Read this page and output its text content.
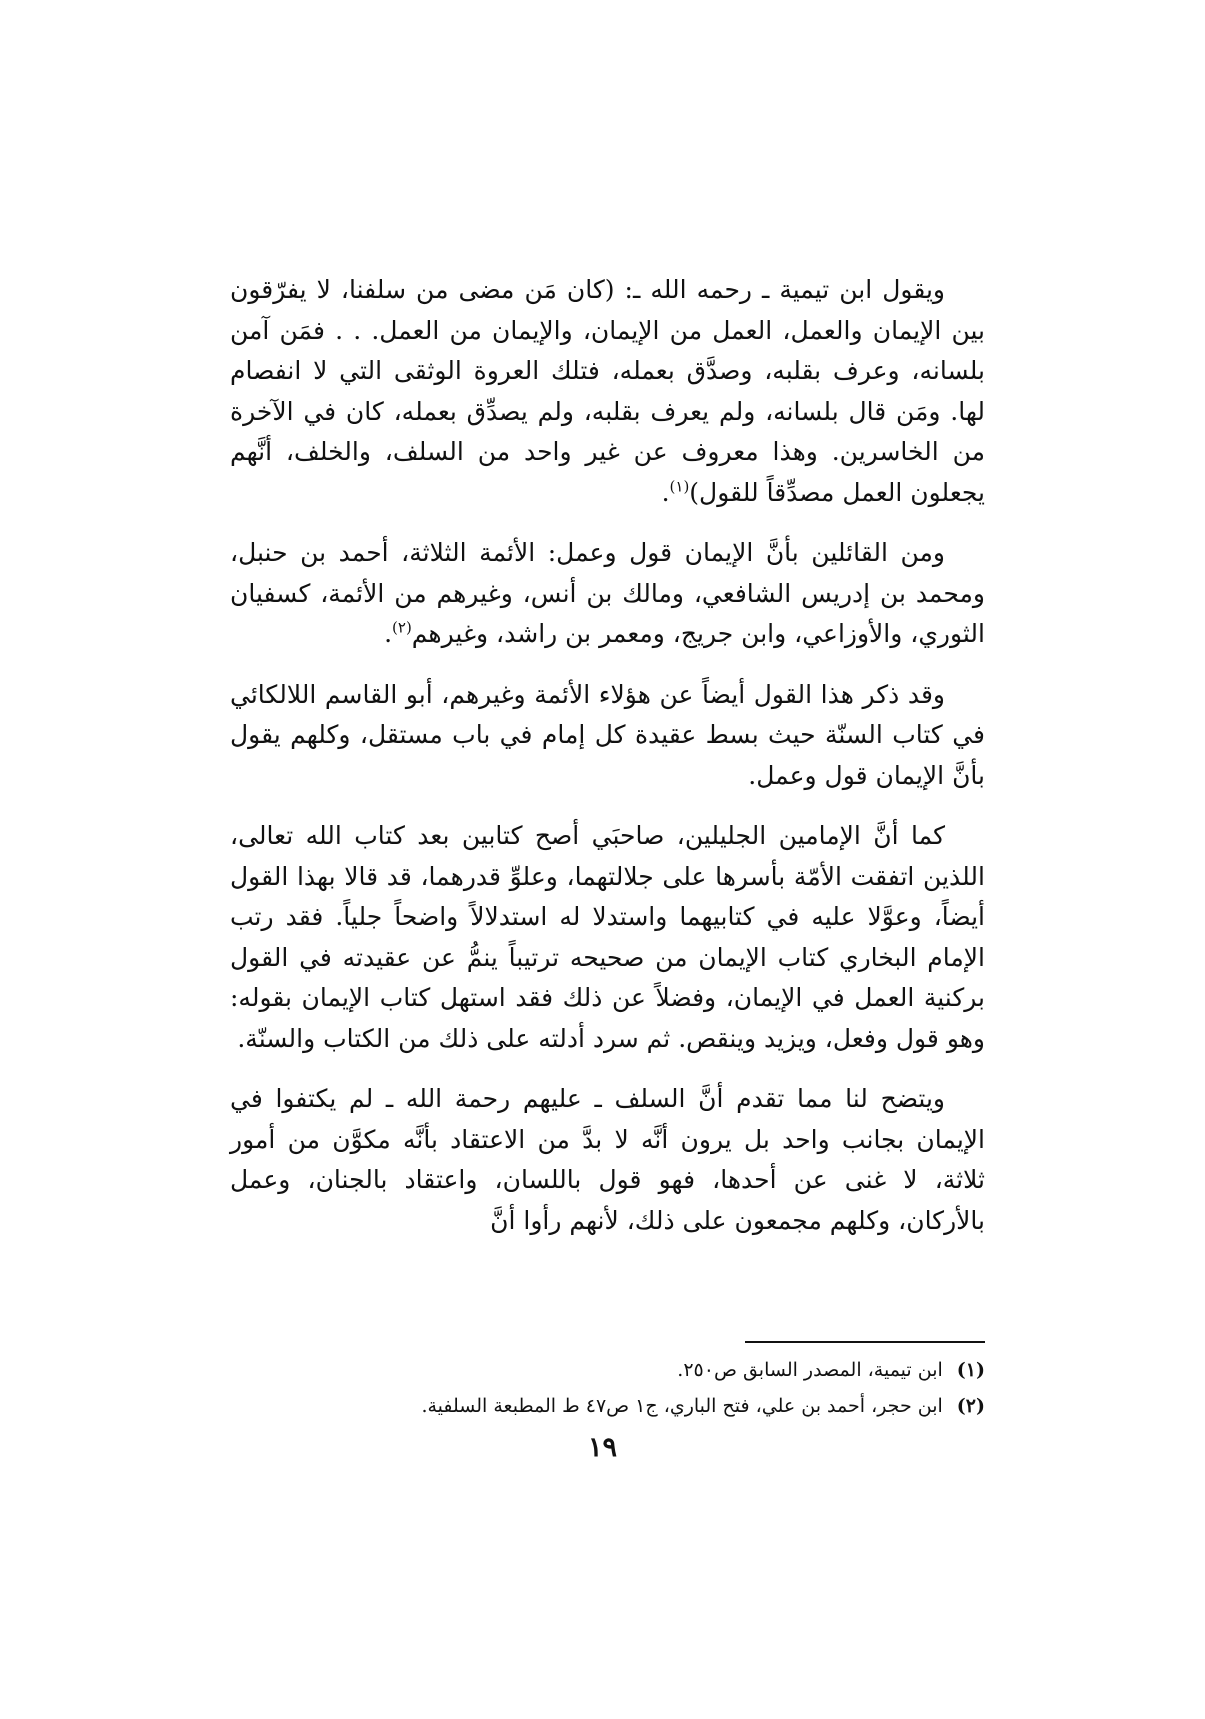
ويقول ابن تيمية ـ رحمه الله ـ: (كان مَن مضى من سلفنا، لا يفرّقون بين الإيمان والعمل، العمل من الإيمان، والإيمان من العمل. . . فمَن آمن بلسانه، وعرف بقلبه، وصدَّق بعمله، فتلك العروة الوثقى التي لا انفصام لها. ومَن قال بلسانه، ولم يعرف بقلبه، ولم يصدِّق بعمله، كان في الآخرة من الخاسرين. وهذا معروف عن غير واحد من السلف، والخلف، أنَّهم يجعلون العمل مصدِّقاً للقول)$^{(١)}$.

ومن القائلين بأنَّ الإيمان قول وعمل: الأئمة الثلاثة، أحمد بن حنبل، ومحمد بن إدريس الشافعي، ومالك بن أنس، وغيرهم من الأئمة، كسفيان الثوري، والأوزاعي، وابن جريج، ومعمر بن راشد، وغيرهم$^{(٢)}$.

وقد ذكر هذا القول أيضاً عن هؤلاء الأئمة وغيرهم، أبو القاسم اللالكائي في كتاب السنّة حيث بسط عقيدة كل إمام في باب مستقل، وكلهم يقول بأنَّ الإيمان قول وعمل.

كما أنَّ الإمامين الجليلين، صاحبَي أصح كتابين بعد كتاب الله تعالى، اللذين اتفقت الأمّة بأسرها على جلالتهما، وعلوِّ قدرهما، قد قالا بهذا القول أيضاً، وعوَّلا عليه في كتابيهما واستدلا له استدلالاً واضحاً جلياً. فقد رتب الإمام البخاري كتاب الإيمان من صحيحه ترتيباً ينمُّ عن عقيدته في القول بركنية العمل في الإيمان، وفضلاً عن ذلك فقد استهل كتاب الإيمان بقوله: وهو قول وفعل، ويزيد وينقص. ثم سرد أدلته على ذلك من الكتاب والسنّة.

ويتضح لنا مما تقدم أنَّ السلف ـ عليهم رحمة الله ـ لم يكتفوا في الإيمان بجانب واحد بل يرون أنَّه لا بدَّ من الاعتقاد بأنَّه مكوَّن من أمور ثلاثة، لا غنى عن أحدها، فهو قول باللسان، واعتقاد بالجنان، وعمل بالأركان، وكلهم مجمعون على ذلك، لأنهم رأوا أنَّ

(١)ابن تيمية، المصدر السابق ص٢٥٠.

(٢)ابن حجر، أحمد بن علي، فتح الباري، ج١ ص٤٧ ط المطبعة السلفية.

١٩
